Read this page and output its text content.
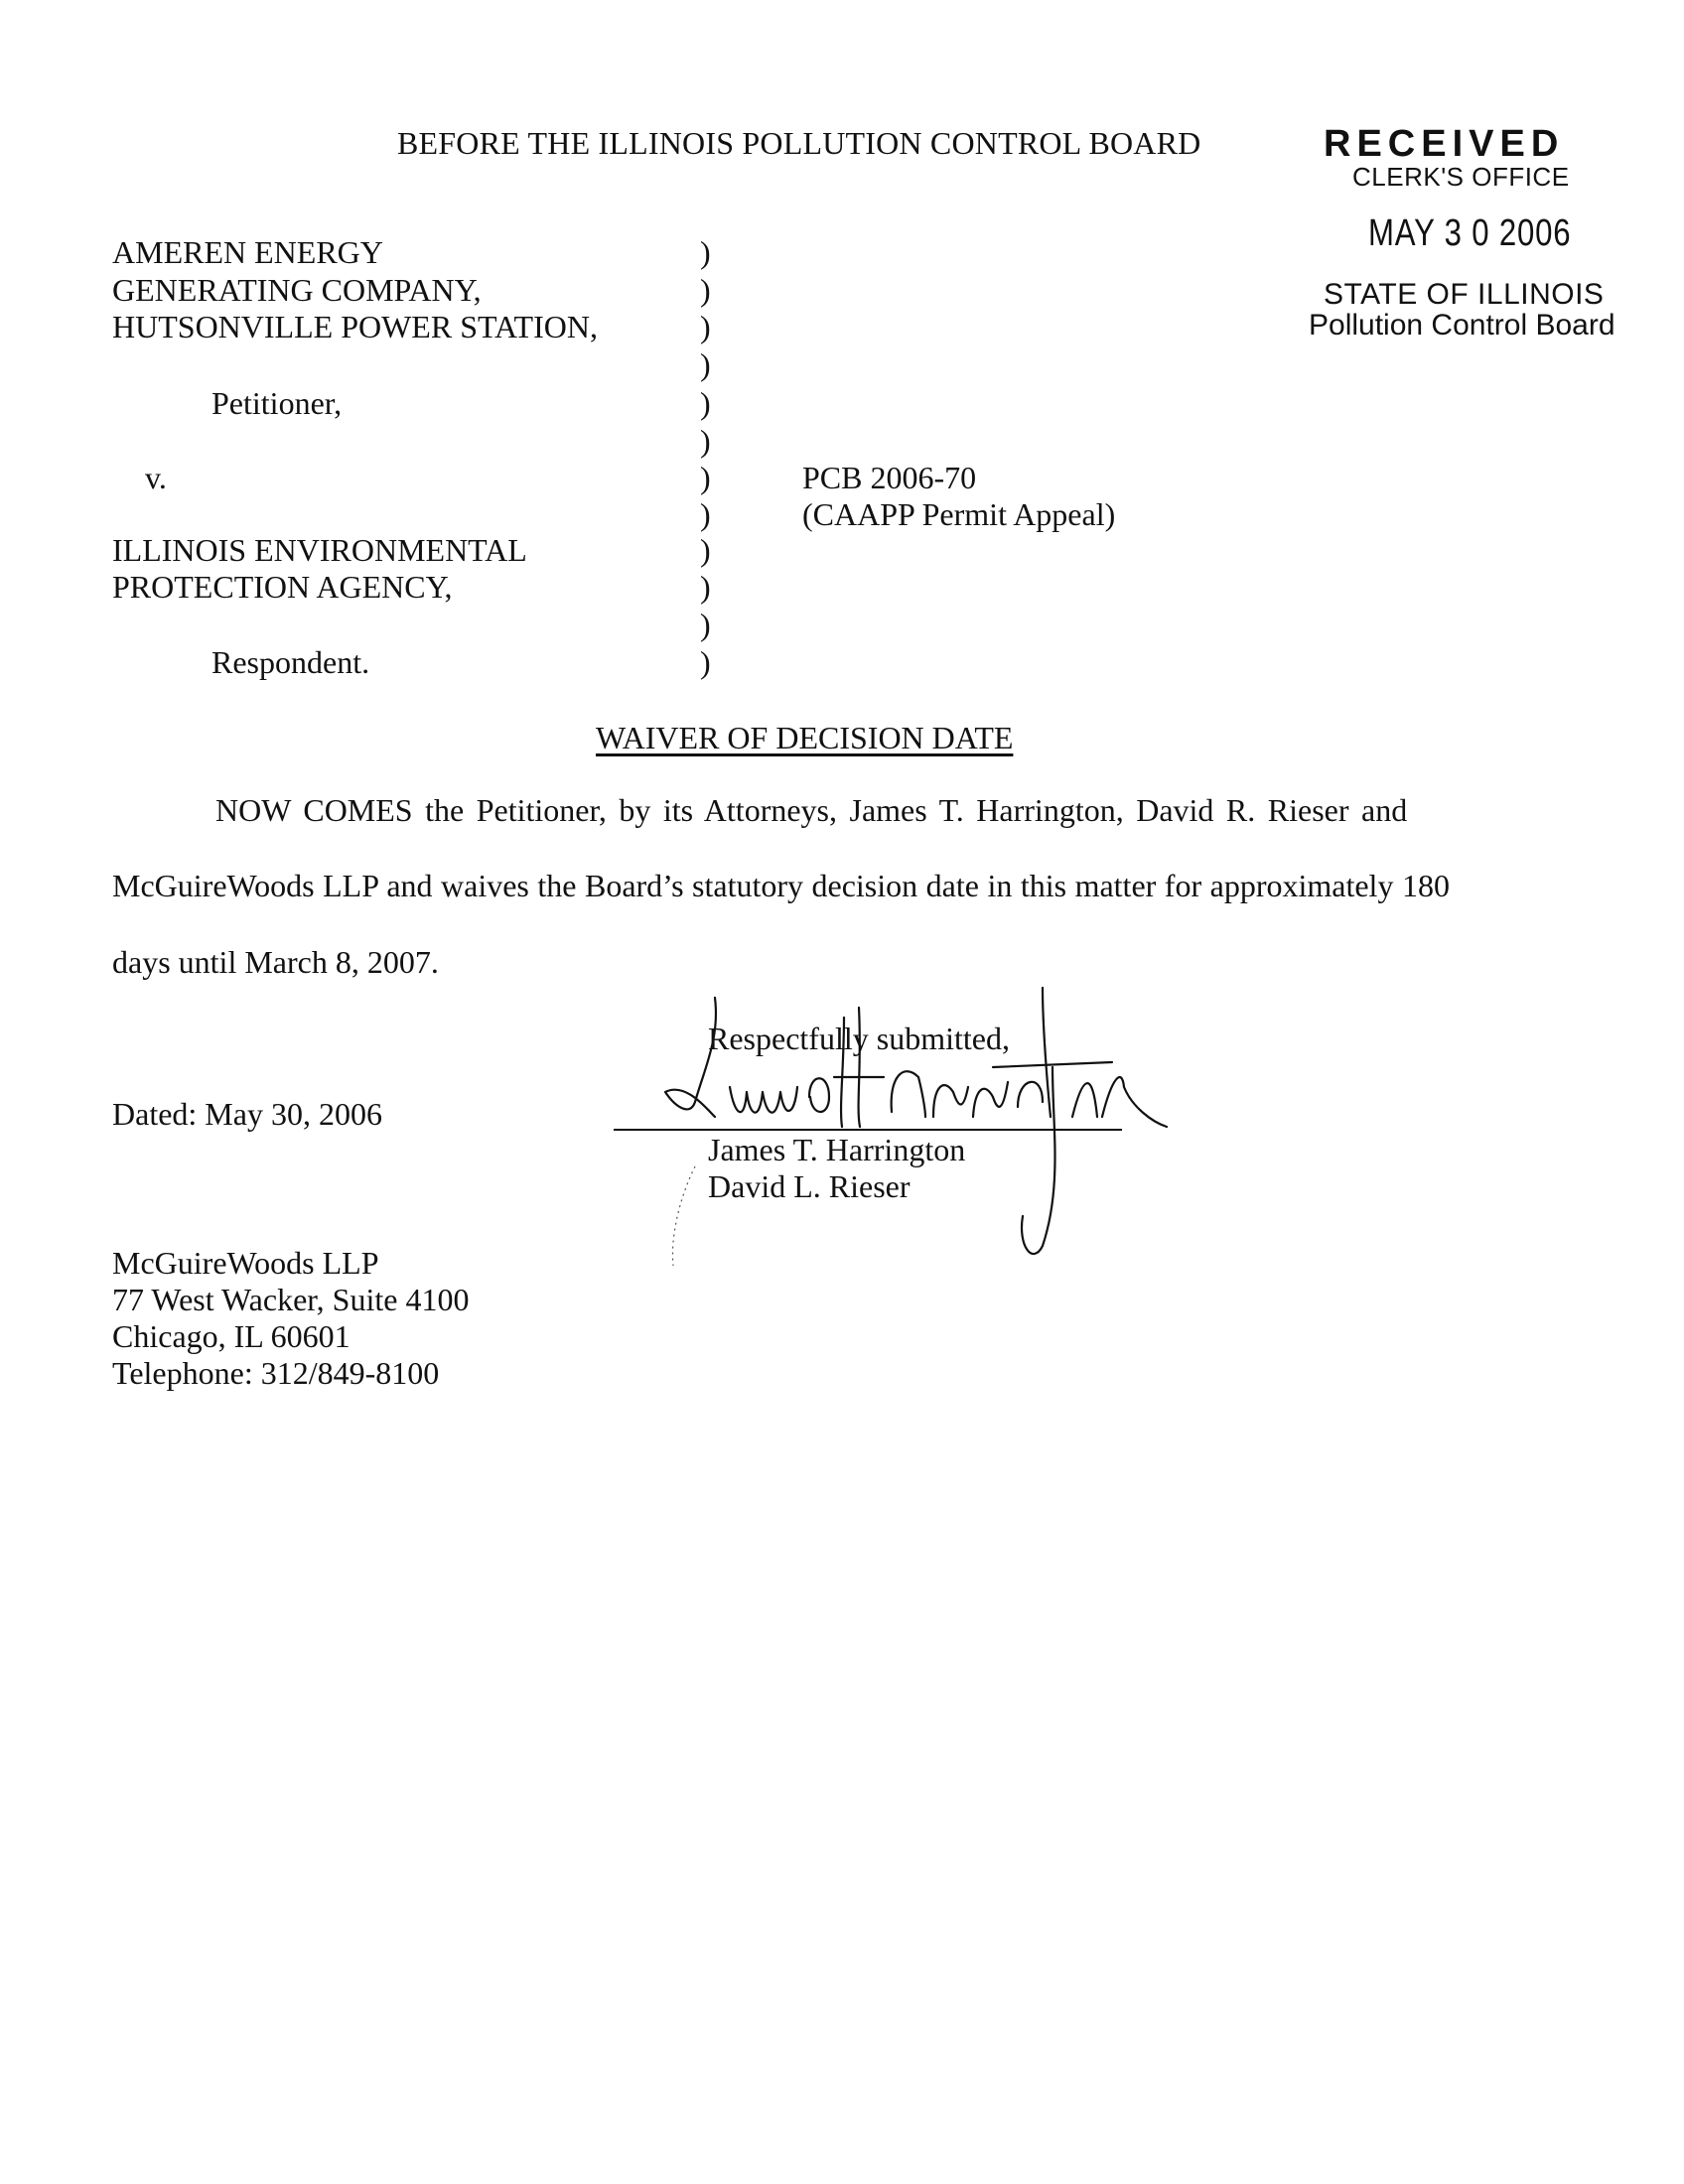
BEFORE THE ILLINOIS POLLUTION CONTROL BOARD	RECEIVED
CLERK'S OFFICE
MAY 3 0 2006
STATE OF ILLINOIS
Pollution Control Board
AMEREN ENERGY
GENERATING COMPANY,
HUTSONVILLE POWER STATION,
Petitioner,
v.
ILLINOIS ENVIRONMENTAL
PROTECTION AGENCY,
Respondent.
)
)
)
)
)
)
)
)
)
)
)
)
PCB 2006-70
(CAAPP Permit Appeal)
WAIVER OF DECISION DATE
NOW COMES the Petitioner, by its Attorneys, James T. Harrington, David R. Rieser and
McGuireWoods LLP and waives the Board’s statutory decision date in this matter for approximately 180
days until March 8, 2007.
Respectfully submitted,
Dated: May 30, 2006
James T. Harrington
David L. Rieser
McGuireWoods LLP
77 West Wacker, Suite 4100
Chicago, IL 60601
Telephone: 312/849-8100
